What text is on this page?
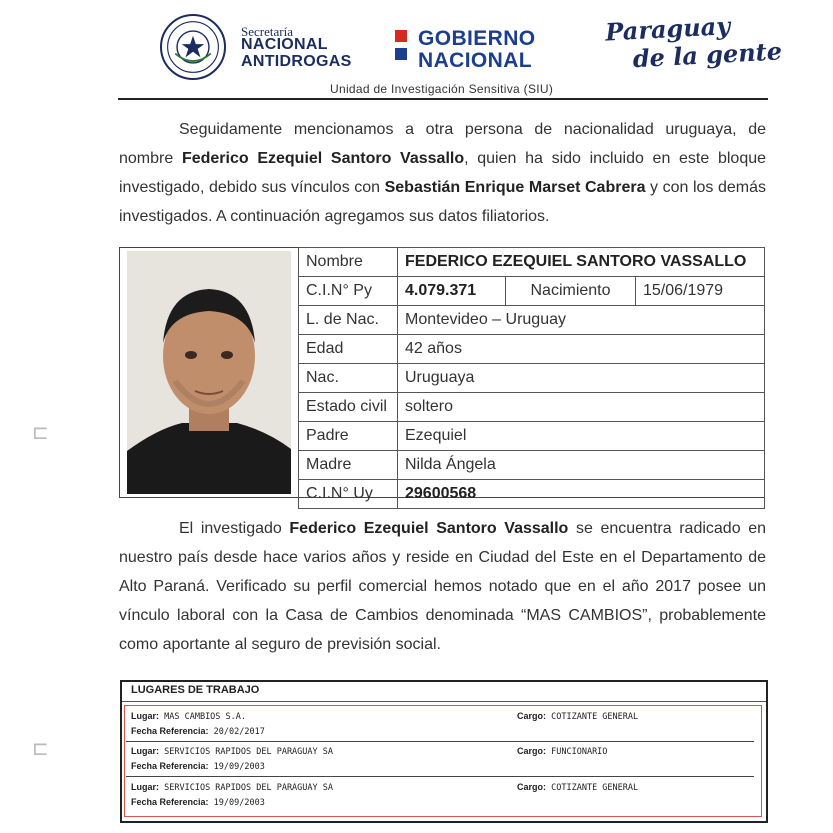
Secretaría
NACIONAL
ANTIDROGAS
GOBIERNO
NACIONAL
Paraguay
de la gente
Unidad de Investigación Sensitiva (SIU)
Seguidamente mencionamos a otra persona de nacionalidad uruguaya, de nombre Federico Ezequiel Santoro Vassallo, quien ha sido incluido en este bloque investigado, debido sus vínculos con Sebastián Enrique Marset Cabrera y con los demás investigados. A continuación agregamos sus datos filiatorios.
Nombre	FEDERICO EZEQUIEL SANTORO VASSALLO		
C.I.N° Py	4.079.371	Nacimiento	15/06/1979
L. de Nac.	Montevideo – Uruguay		
Edad	42 años		
Nac.	Uruguaya		
Estado civil	soltero		
Padre	Ezequiel		
Madre	Nilda Ángela		
C.I.N° Uy	29600568		
El investigado Federico Ezequiel Santoro Vassallo se encuentra radicado en nuestro país desde hace varios años y reside en Ciudad del Este en el Departamento de Alto Paraná. Verificado su perfil comercial hemos notado que en el año 2017 posee un vínculo laboral con la Casa de Cambios denominada “MAS CAMBIOS”, probablemente como aportante al seguro de previsión social.
LUGARES DE TRABAJO
Lugar: MAS CAMBIOS S.A.	Cargo: COTIZANTE GENERAL
Fecha Referencia: 20/02/2017
Lugar: SERVICIOS RAPIDOS DEL PARAGUAY SA	Cargo: FUNCIONARIO
Fecha Referencia: 19/09/2003
Lugar: SERVICIOS RAPIDOS DEL PARAGUAY SA	Cargo: COTIZANTE GENERAL
Fecha Referencia: 19/09/2003
⊏
⊏
